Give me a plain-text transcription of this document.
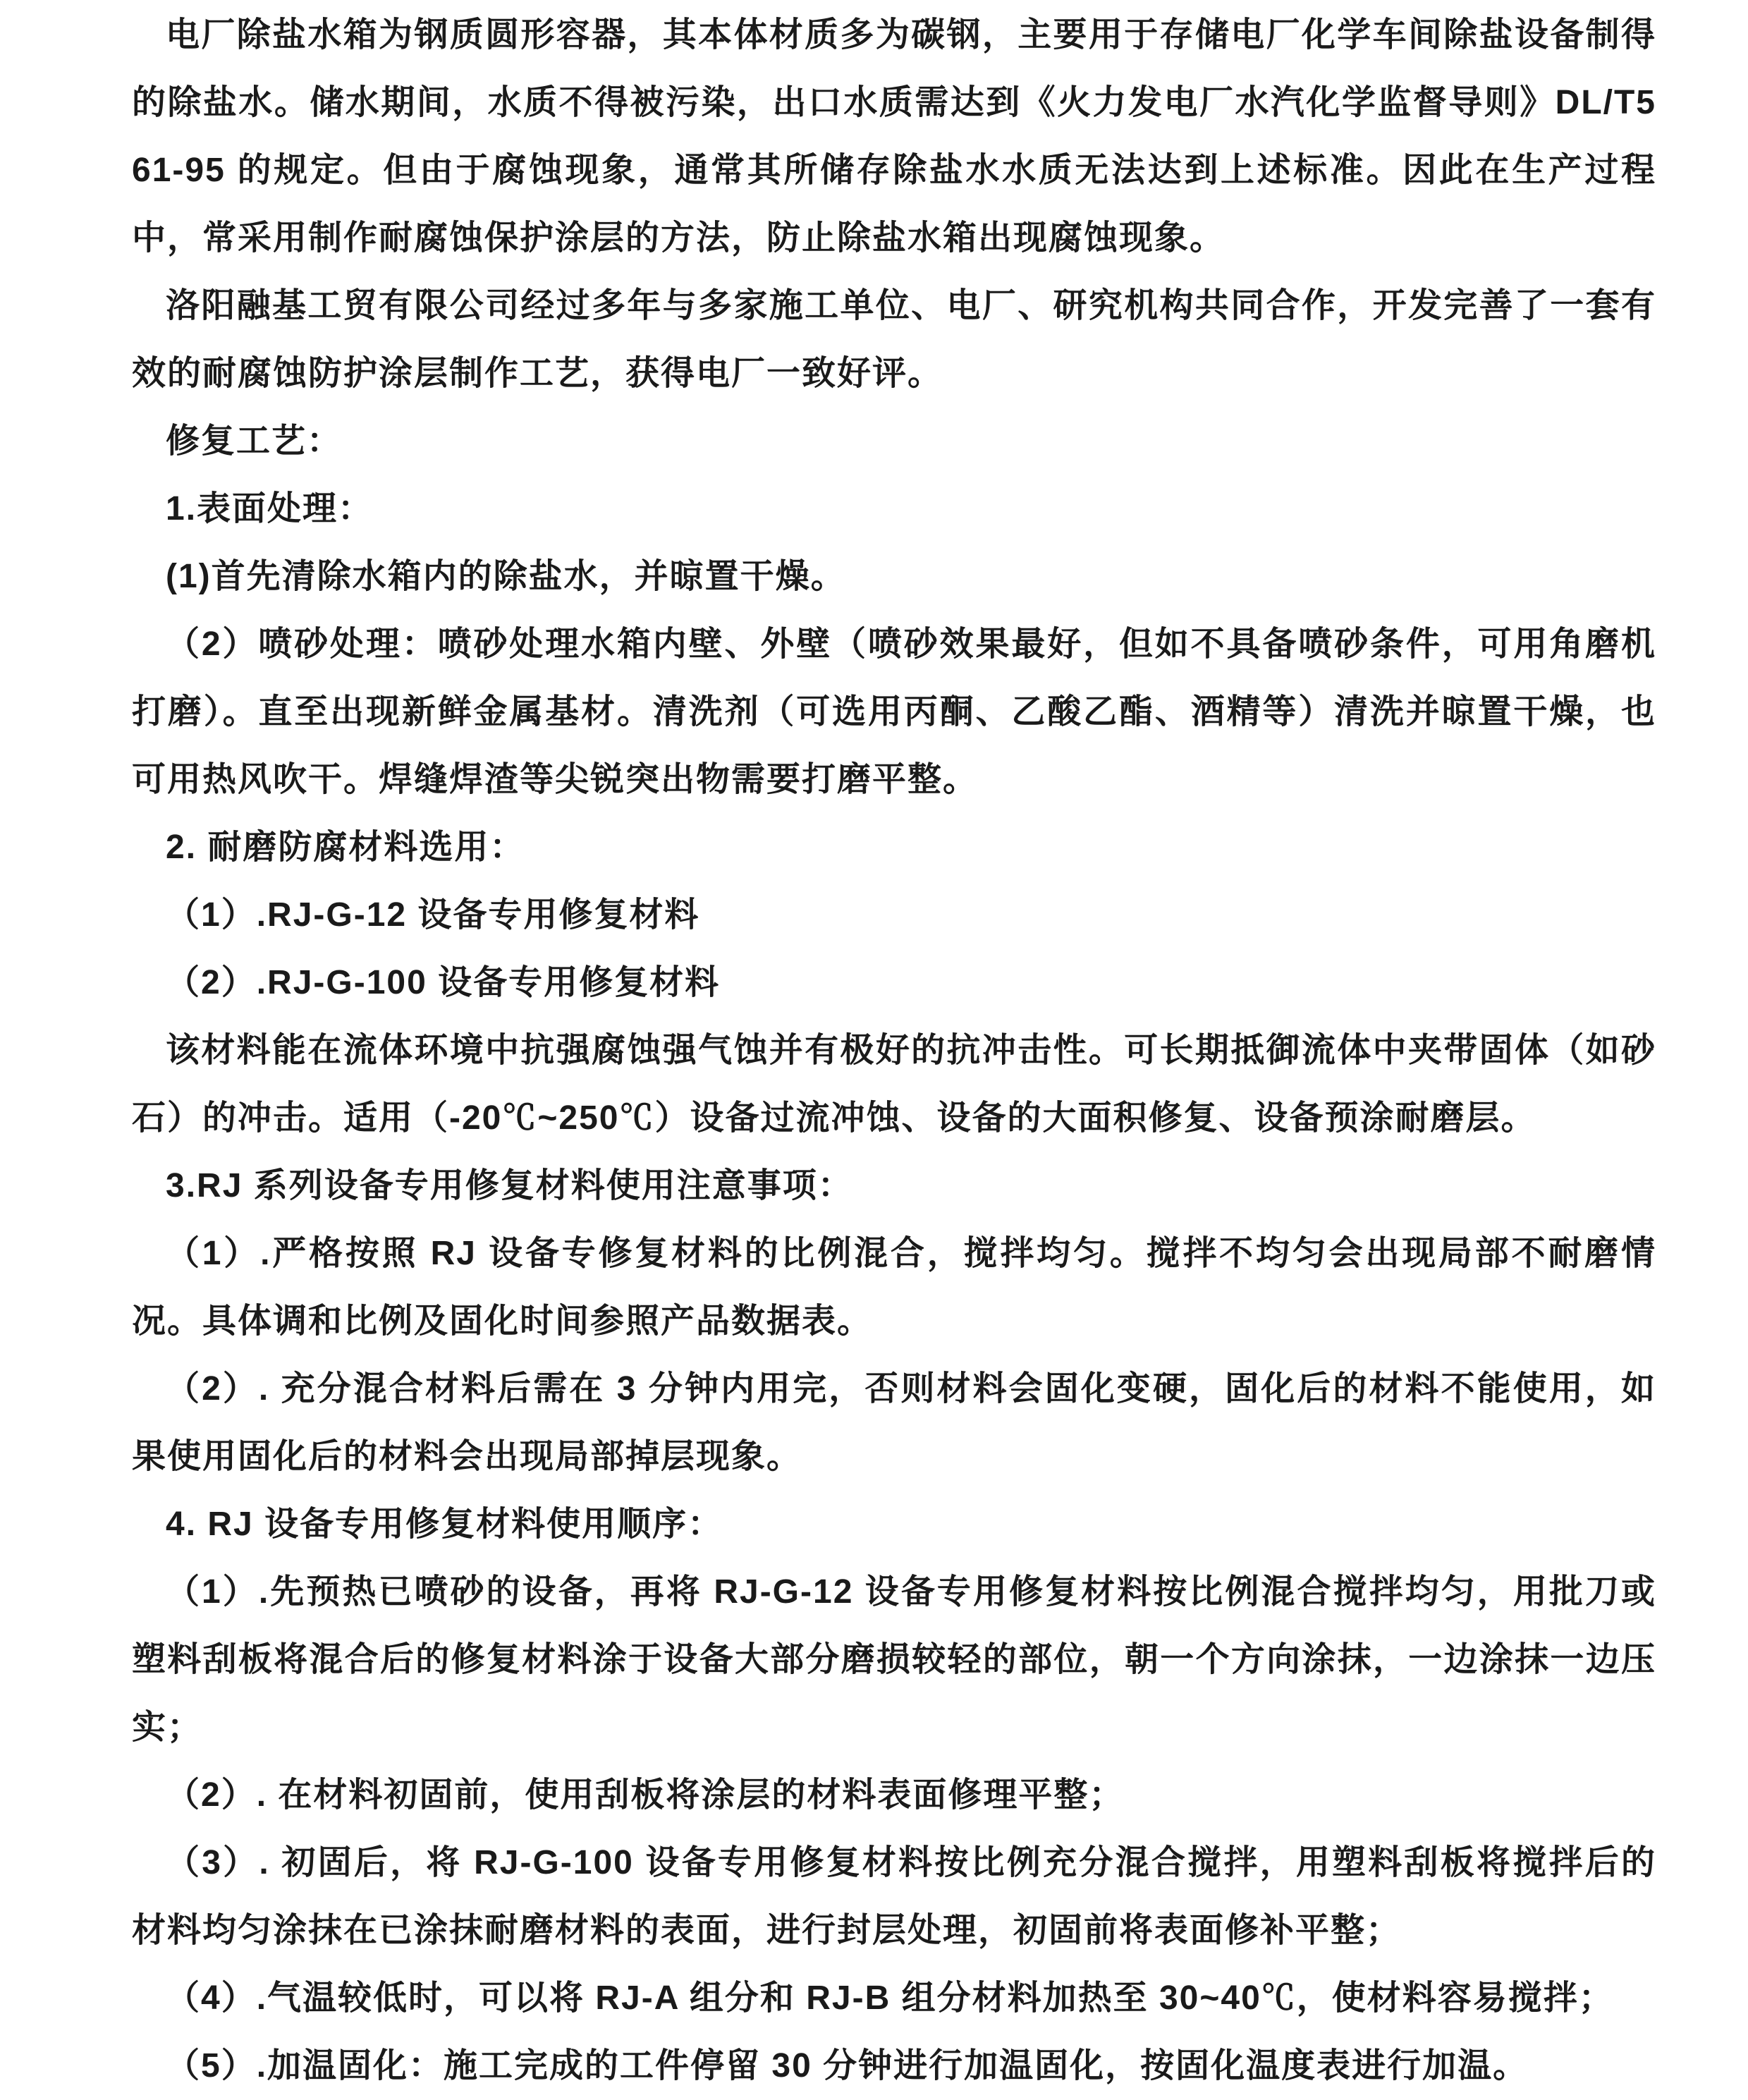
电厂除盐水箱为钢质圆形容器，其本体材质多为碳钢，主要用于存储电厂化学车间除盐设备制得的除盐水。储水期间，水质不得被污染，出口水质需达到《火力发电厂水汽化学监督导则》DL/T561-95 的规定。但由于腐蚀现象，通常其所储存除盐水水质无法达到上述标准。因此在生产过程中，常采用制作耐腐蚀保护涂层的方法，防止除盐水箱出现腐蚀现象。

洛阳融基工贸有限公司经过多年与多家施工单位、电厂、研究机构共同合作，开发完善了一套有效的耐腐蚀防护涂层制作工艺，获得电厂一致好评。

修复工艺：

1.表面处理：

(1)首先清除水箱内的除盐水，并晾置干燥。

（2）喷砂处理：喷砂处理水箱内壁、外壁（喷砂效果最好，但如不具备喷砂条件，可用角磨机打磨）。直至出现新鲜金属基材。清洗剂（可选用丙酮、乙酸乙酯、酒精等）清洗并晾置干燥，也可用热风吹干。焊缝焊渣等尖锐突出物需要打磨平整。

2. 耐磨防腐材料选用：

（1）.RJ-G-12 设备专用修复材料

（2）.RJ-G-100 设备专用修复材料

该材料能在流体环境中抗强腐蚀强气蚀并有极好的抗冲击性。可长期抵御流体中夹带固体（如砂石）的冲击。适用（-20℃~250℃）设备过流冲蚀、设备的大面积修复、设备预涂耐磨层。

3.RJ 系列设备专用修复材料使用注意事项：

（1）.严格按照 RJ 设备专修复材料的比例混合，搅拌均匀。搅拌不均匀会出现局部不耐磨情况。具体调和比例及固化时间参照产品数据表。

（2）. 充分混合材料后需在 3 分钟内用完，否则材料会固化变硬，固化后的材料不能使用，如果使用固化后的材料会出现局部掉层现象。

4. RJ 设备专用修复材料使用顺序：

（1）.先预热已喷砂的设备，再将 RJ-G-12 设备专用修复材料按比例混合搅拌均匀，用批刀或塑料刮板将混合后的修复材料涂于设备大部分磨损较轻的部位，朝一个方向涂抹，一边涂抹一边压实；

（2）. 在材料初固前，使用刮板将涂层的材料表面修理平整；

（3）. 初固后，将 RJ-G-100 设备专用修复材料按比例充分混合搅拌，用塑料刮板将搅拌后的材料均匀涂抹在已涂抹耐磨材料的表面，进行封层处理，初固前将表面修补平整；

（4）.气温较低时，可以将 RJ-A 组分和 RJ-B 组分材料加热至 30~40℃，使材料容易搅拌；

（5）.加温固化：施工完成的工件停留 30 分钟进行加温固化，按固化温度表进行加温。
